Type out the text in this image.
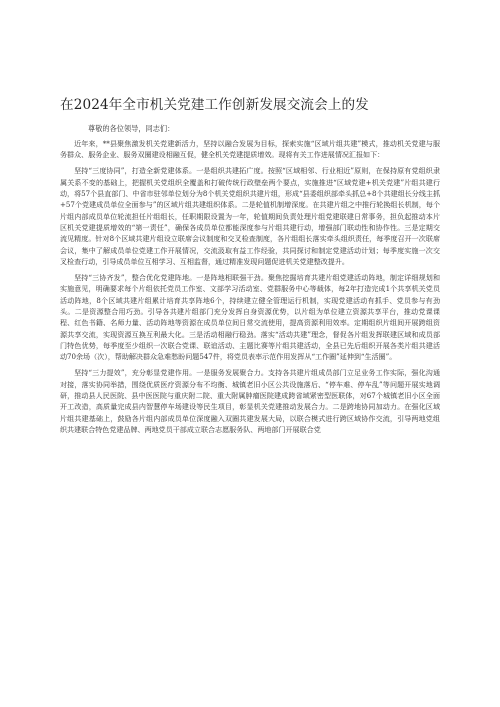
在2024年全市机关党建工作创新发展交流会上的发
尊敬的各位领导，同志们：

近年来，**县聚焦激发机关党建新活力，坚持以融合发展为目标，探索实施“区域片组共建”模式，推动机关党建与服务群众、服务企业、服务双圈建设相融互促，健全机关党建提质增效。现将有关工作进展情况汇报如下：

坚持“三度协同”，打造全新党建体系。一是组织共建拓广度。按照“区域相邻、行业相近”原则，在保持原有党组织隶属关系不变的基础上，把握机关党组织全覆盖和打破传统行政壁垒两个要点，实施推进“区域党建+机关党建”片组共建行动，将57个县直部门、中省市驻邻单位划分为8个机关党组织共建片组，形成“县委组织部牵头抓总+8个共建组长分线主抓+57个党建成员单位全面参与”的区域片组共建组织体系。二是轮值机制增深度。在共建片组之中推行轮换组长机制，每个片组内部成员单位轮流担任片组组长，任职期限设置为一年，轮值期间负责处理片组党建联建日常事务，担负起推动本片区机关党建提质增效的“第一责任”，确保各成员单位都能深度参与片组共建行动，增强部门联动性和协作性。三是定期交流见精度。针对8个区域共建片组设立联席会议制度和交叉检查制度，各片组组长落实牵头组织责任，每季度召开一次联席会议，集中了解成员单位党建工作开展情况，交流汲取有益工作经验，共同探讨和制定党建活动计划；每季度实施一次交叉检查行动，引导成员单位互相学习、互相监督，通过精准发现问题促进机关党建整改提升。

坚持“三协齐发”，整合优化党建阵地。一是阵地相联强干劲。聚焦挖掘培育共建片组党建活动阵地，制定详细规划和实施意见，明确要求每个片组依托党员工作室、文部学习活动室、党群服务中心等载体，每2年打造完成1个共享机关党员活动阵地，8个区域共建片组累计培育共享阵地6个，持续建立健全管理运行机制，实现党建活动有抓手、党员参与有劲头。二是资源整合用巧劲。引导各共建片组部门充分发挥自身资源优势，以片组为单位建立资源共享平台，推动党课课程、红色书籍、名师力量、活动阵地等资源在成员单位间日常交流使用，提高资源利用效率。定期组织片组间开展跨组资源共享交流，实现资源互换互利最大化。三是活动相融行稳劲。落实“活动共建”理念，督促各片组发挥联建区域和成员部门特色优势，每季度至少组织一次联合党课、联谊活动、主题比赛等片组共建活动，全县已先后组织开展各类片组共建活动70余场（次），帮助解决群众急难愁盼问题547件，将党员表率示范作用发挥从“工作圈”延伸到“生活圈”。

坚持“三力提效”，充分彰显党建作用。一是服务发展聚合力。支持各共建片组成员部门立足业务工作实际，强化沟通对接，落实协同举措，围绕优质医疗资源分布不均衡、城镇老旧小区公共设施落后、“停车难、停车乱”等问题开展实地调研，推动县人民医院、县中医医院与重庆附二院、重大附属肿瘤医院建成跨省域紧密型医联体，对67个城镇老旧小区全面开工改造，高质量完成县内智慧停车场建设等民生项目，彰显机关党建推动发展合力。二是跨地协同加动力。在强化区域片组共建基础上，鼓励各片组内部成员单位深度融入双圈共建发展大局，以联合模式进行跨区域协作交流，引导两地党组织共建联合特色党建品牌、两地党员干部成立联合志愿服务队、两地部门开展联合党
